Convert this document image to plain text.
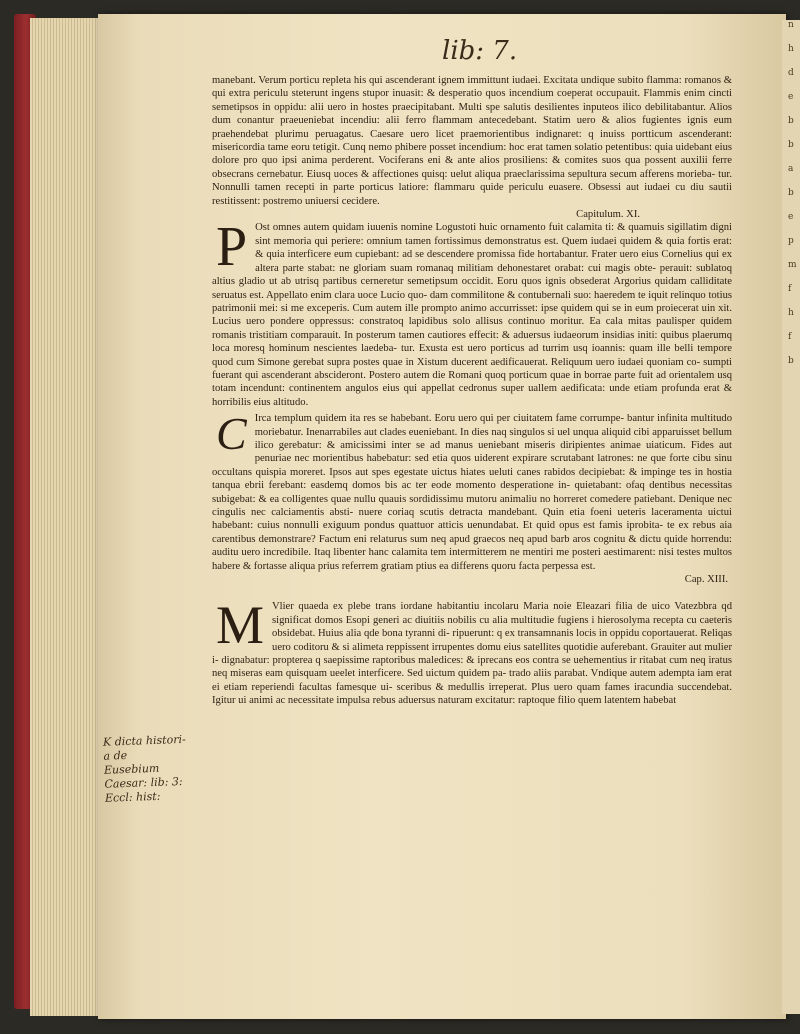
n
h
d
e
b
b
a
b
e
p
m
f
h
f
b
lib: 7.

manebant. Verum porticu repleta his qui ascenderant ignem immittunt iudaei. Excitata undique subito flamma: romanos & qui extra periculu steterunt ingens stupor inuasit: & desperatio quos incendium coeperat occupauit. Flammis enim cincti semetipsos in oppidu: alii uero in hostes praecipitabant. Multi spe salutis desilientes inputeos ilico debilitabantur. Alios dum conantur praeueniebat incendiu: alii ferro flammam antecedebant. Statim uero & alios fugientes ignis eum praehendebat plurimu peruagatus. Caesare uero licet praemorientibus indignaret: q inuiss portticum ascenderant: misericordia tame eoru tetigit. Cunq nemo phibere posset incendium: hoc erat tamen solatio petentibus: quia uidebant eius dolore pro quo ipsi anima perderent. Vociferans eni & ante alios prosiliens: & comites suos qua possent auxilii ferre obsecrans cernebatur. Eiusq uoces & affectiones quisq: uelut aliqua praeclarissima sepultura secum afferens morieba- tur. Nonnulli tamen recepti in parte porticus latiore: flammaru quide periculu euasere. Obsessi aut iudaei cu diu sautii restitissent: postremo uniuersi cecidere.

Capitulum. XI.

P Ost omnes autem quidam iuuenis nomine Logustoti huic ornamento fuit calamita ti: & quamuis sigillatim digni sint memoria qui periere: omnium tamen fortissimus demonstratus est. Quem iudaei quidem & quia fortis erat: & quia interficere eum cupiebant: ad se descendere promissa fide hortabantur. Frater uero eius Cornelius qui ex altera parte stabat: ne gloriam suam romanaq militiam dehonestaret orabat: cui magis obte- perauit: sublatoq altius gladio ut ab utrisq partibus cerneretur semetipsum occidit. Eoru quos ignis obsederat Argorius quidam calliditate seruatus est. Appellato enim clara uoce Lucio quo- dam commilitone & contubernali suo: haeredem te iquit relinquo totius patrimonii mei: si me exceperis. Cum autem ille prompto animo accurrisset: ipse quidem qui se in eum proiecerat uin xit. Lucius uero pondere oppressus: constratoq lapidibus solo allisus continuo moritur. Ea cala mitas paulisper quidem romanis tristitiam comparauit. In posterum tamen cautiores effecit: & aduersus iudaeorum insidias initi: quibus plaerumq loca moresq hominum nescientes laedeba- tur. Exusta est uero porticus ad turrim usq ioannis: quam ille belli tempore quod cum Simone gerebat supra postes quae in Xistum ducerent aedificauerat. Reliquum uero iudaei quoniam co- sumpti fuerant qui ascenderant abscideront. Postero autem die Romani quoq porticum quae in borrae parte fuit ad orientalem usq totam incendunt: continentem angulos eius qui appellat cedronus super uallem aedificata: unde etiam profunda erat & horribilis eius altitudo.

C Irca templum quidem ita res se habebant. Eoru uero qui per ciuitatem fame corrumpe- bantur infinita multitudo moriebatur. Inenarrabiles aut clades eueniebant. In dies naq singulos si uel unqua aliquid cibi apparuisset bellum ilico gerebatur: & amicissimi inter se ad manus ueniebant miseris diripientes animae uiaticum. Fides aut penuriae nec morientibus habebatur: sed etia quos uiderent expirare scrutabant latrones: ne que forte cibu sinu occultans quispia moreret. Ipsos aut spes egestate uictus hiates ueluti canes rabidos decipiebat: & impinge tes in hostia tanqua ebrii ferebant: easdemq domos bis ac ter eode momento desperatione in- quietabant: ofaq dentibus necessitas subigebat: & ea colligentes quae nullu quauis sordidissimu mutoru animaliu no horreret comedere patiebant. Denique nec cingulis nec calciamentis absti- nuere coriaq scutis detracta mandebant. Quin etia foeni ueteris laceramenta uictui habebant: cuius nonnulli exiguum pondus quattuor atticis uenundabat. Et quid opus est famis iprobita- te ex rebus aia carentibus demonstrare? Factum eni relaturus sum neq apud graecos neq apud barb aros cognitu & dictu quide horrendu: auditu uero incredibile. Itaq libenter hanc calamita tem intermitterem ne mentiri me posteri aestimarent: nisi testes multos habere & fortasse aliqua prius referrem gratiam ptius ea differens quoru facta perpessa est.

Cap. XIII.

M Vlier quaeda ex plebe trans iordane habitantiu incolaru Maria noie Eleazari filia de uico Vatezbbra qd significat domos Esopi generi ac diuitiis nobilis cu alia multitudie fugiens i hierosolyma recepta cu caeteris obsidebat. Huius alia qde bona tyranni di- ripuerunt: q ex transamnanis locis in oppidu coportauerat. Reliqas uero coditoru & si alimeta reppissent irrupentes domu eius satellites quotidie auferebant. Grauiter aut mulier i- dignabatur: propterea q saepissime raptoribus maledices: & iprecans eos contra se uehementius ir ritabat cum neq iratus neq miseras eam quisquam ueelet interficere. Sed uictum quidem pa- trado aliis parabat. Vndique autem adempta iam erat ei etiam reperiendi facultas famesque ui- sceribus & medullis irreperat. Plus uero quam fames iracundia succendebat. Igitur ui animi ac necessitate impulsa rebus aduersus naturam excitatur: raptoque filio quem latentem habebat

K dicta histori-
a de
Eusebium
Caesar: lib: 3:
Eccl: hist:
